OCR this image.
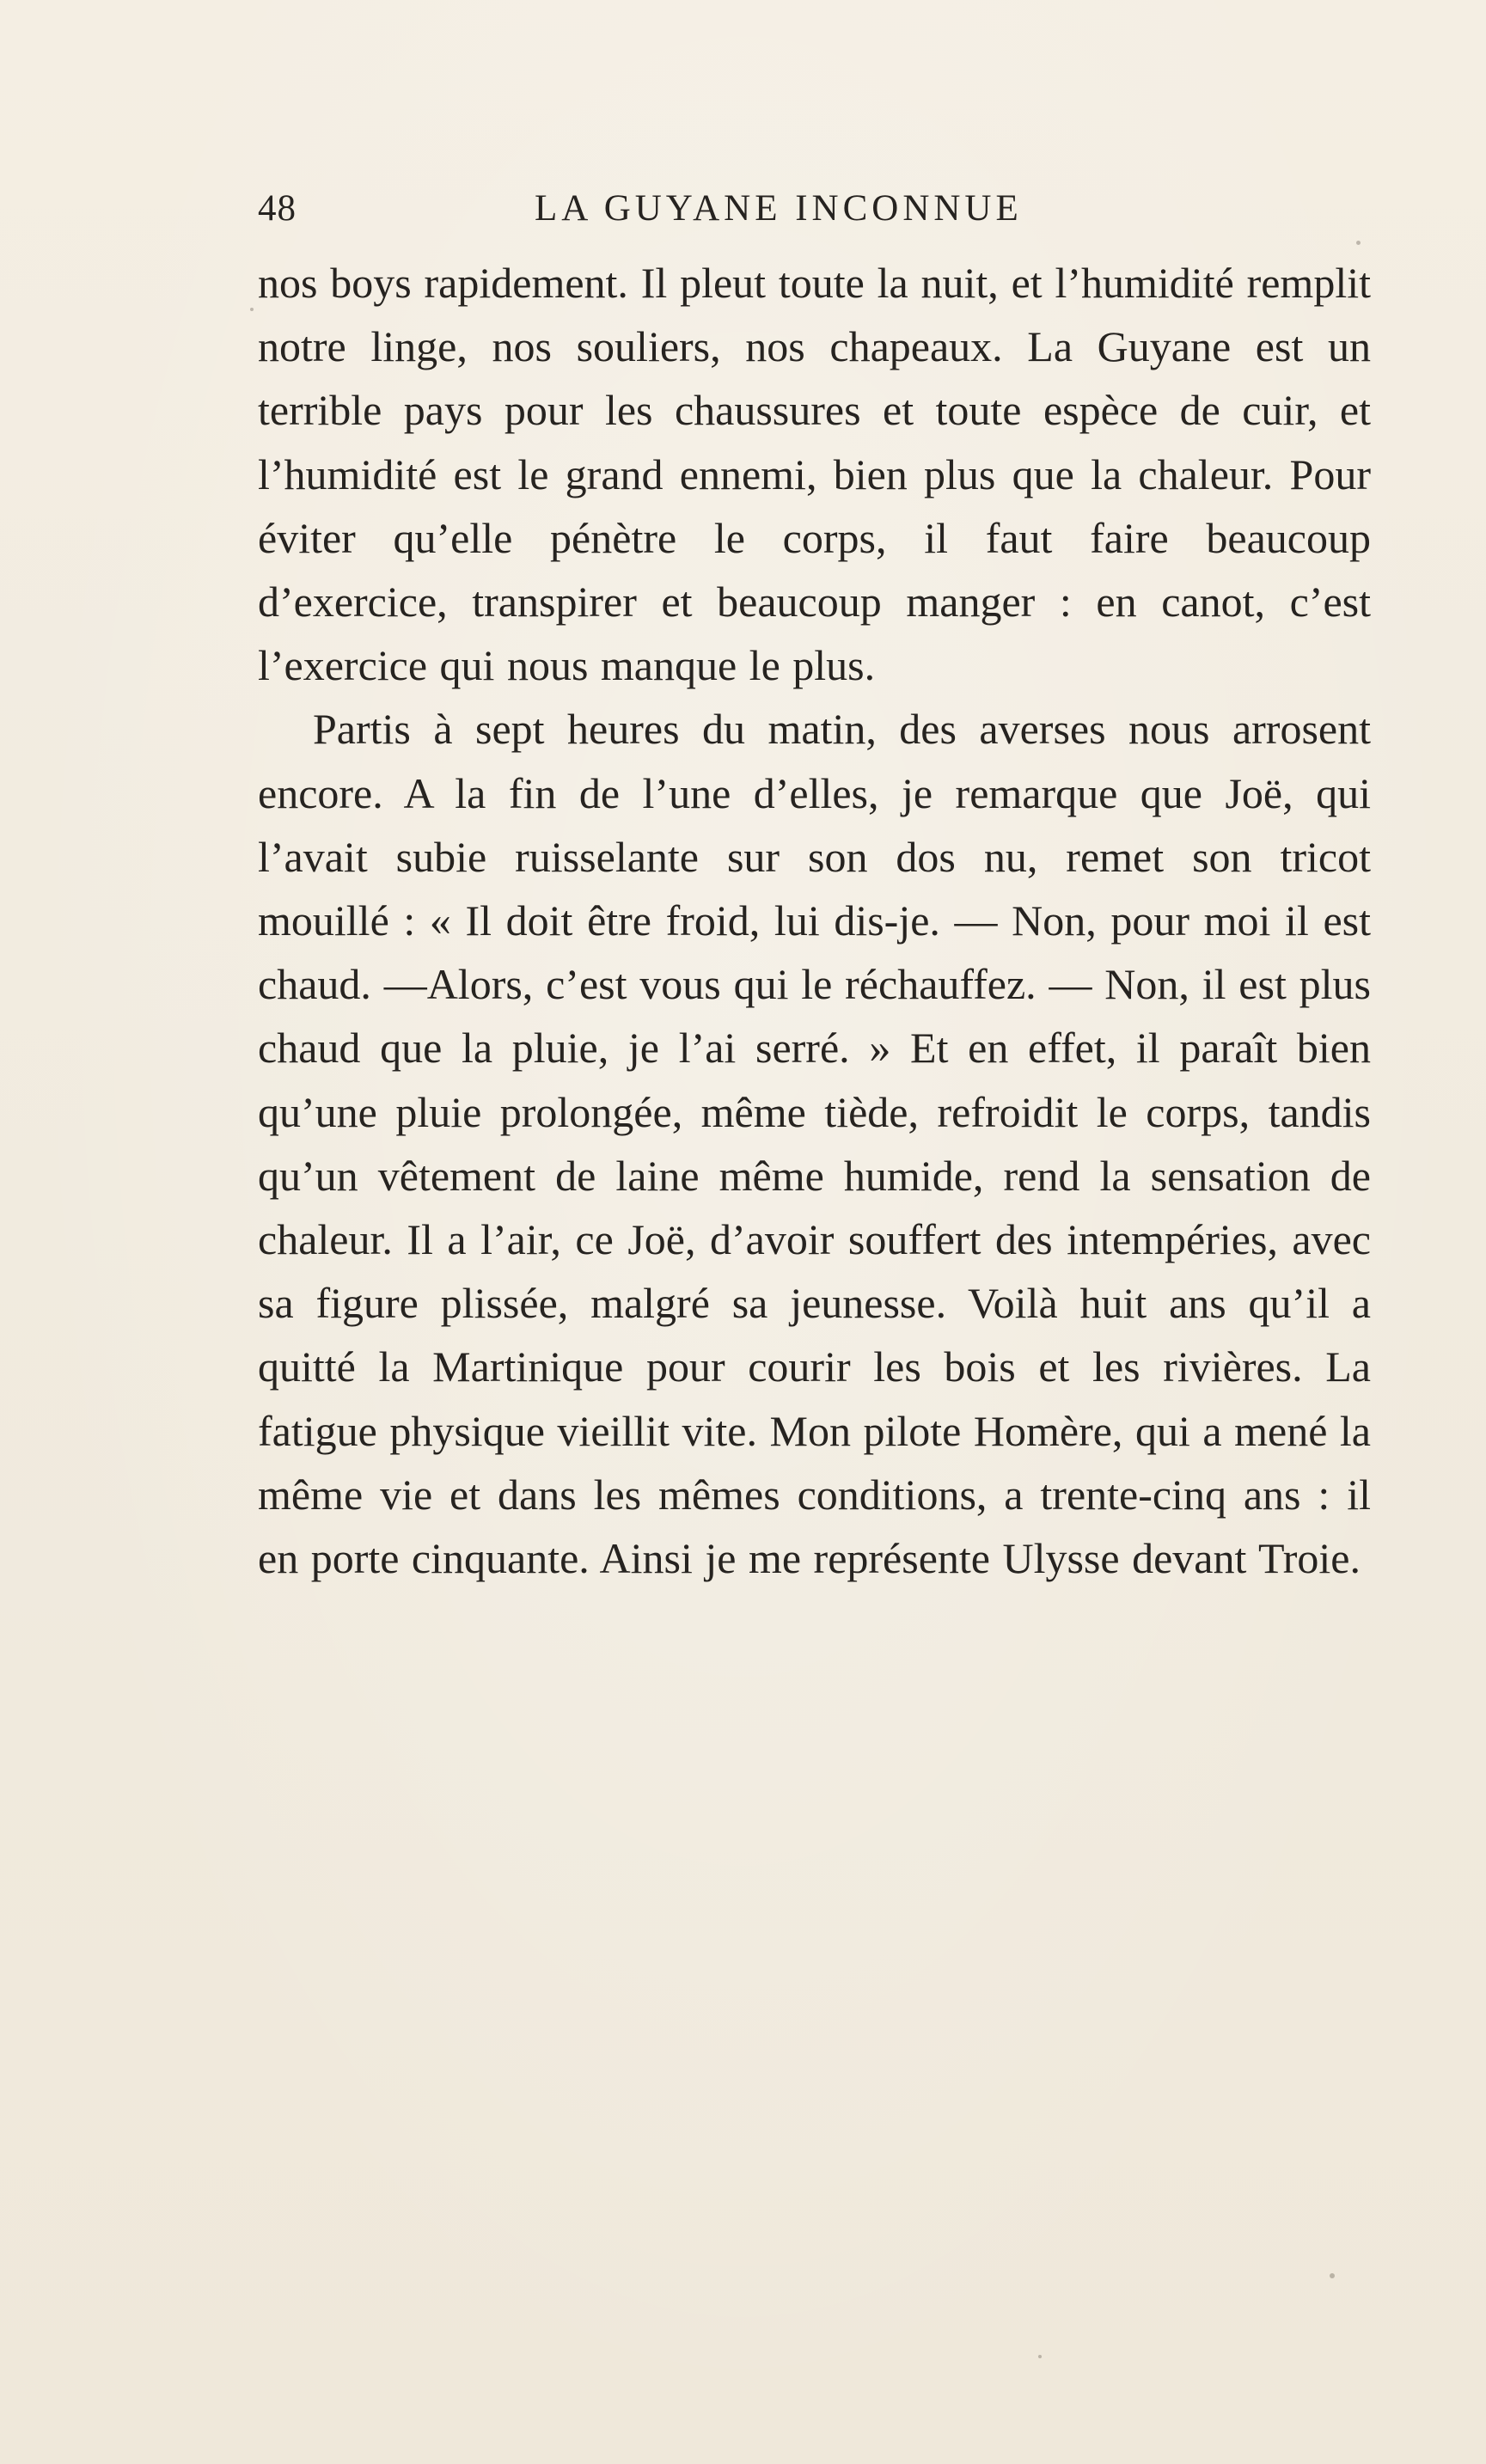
48	LA GUYANE INCONNUE

nos boys rapidement. Il pleut toute la nuit, et l’humidité remplit notre linge, nos souliers, nos chapeaux. La Guyane est un terrible pays pour les chaussures et toute espèce de cuir, et l’humidité est le grand ennemi, bien plus que la chaleur. Pour éviter qu’elle pénètre le corps, il faut faire beaucoup d’exercice, transpirer et beaucoup manger : en canot, c’est l’exercice qui nous manque le plus.

Partis à sept heures du matin, des averses nous arrosent encore. A la fin de l’une d’elles, je remarque que Joë, qui l’avait subie ruisselante sur son dos nu, remet son tricot mouillé : « Il doit être froid, lui dis-je. — Non, pour moi il est chaud. —Alors, c’est vous qui le réchauffez. — Non, il est plus chaud que la pluie, je l’ai serré. » Et en effet, il paraît bien qu’une pluie prolongée, même tiède, refroidit le corps, tandis qu’un vêtement de laine même humide, rend la sensation de chaleur. Il a l’air, ce Joë, d’avoir souffert des intempéries, avec sa figure plissée, malgré sa jeunesse. Voilà huit ans qu’il a quitté la Martinique pour courir les bois et les rivières. La fatigue physique vieillit vite. Mon pilote Homère, qui a mené la même vie et dans les mêmes conditions, a trente-cinq ans : il en porte cinquante. Ainsi je me représente Ulysse devant Troie.
